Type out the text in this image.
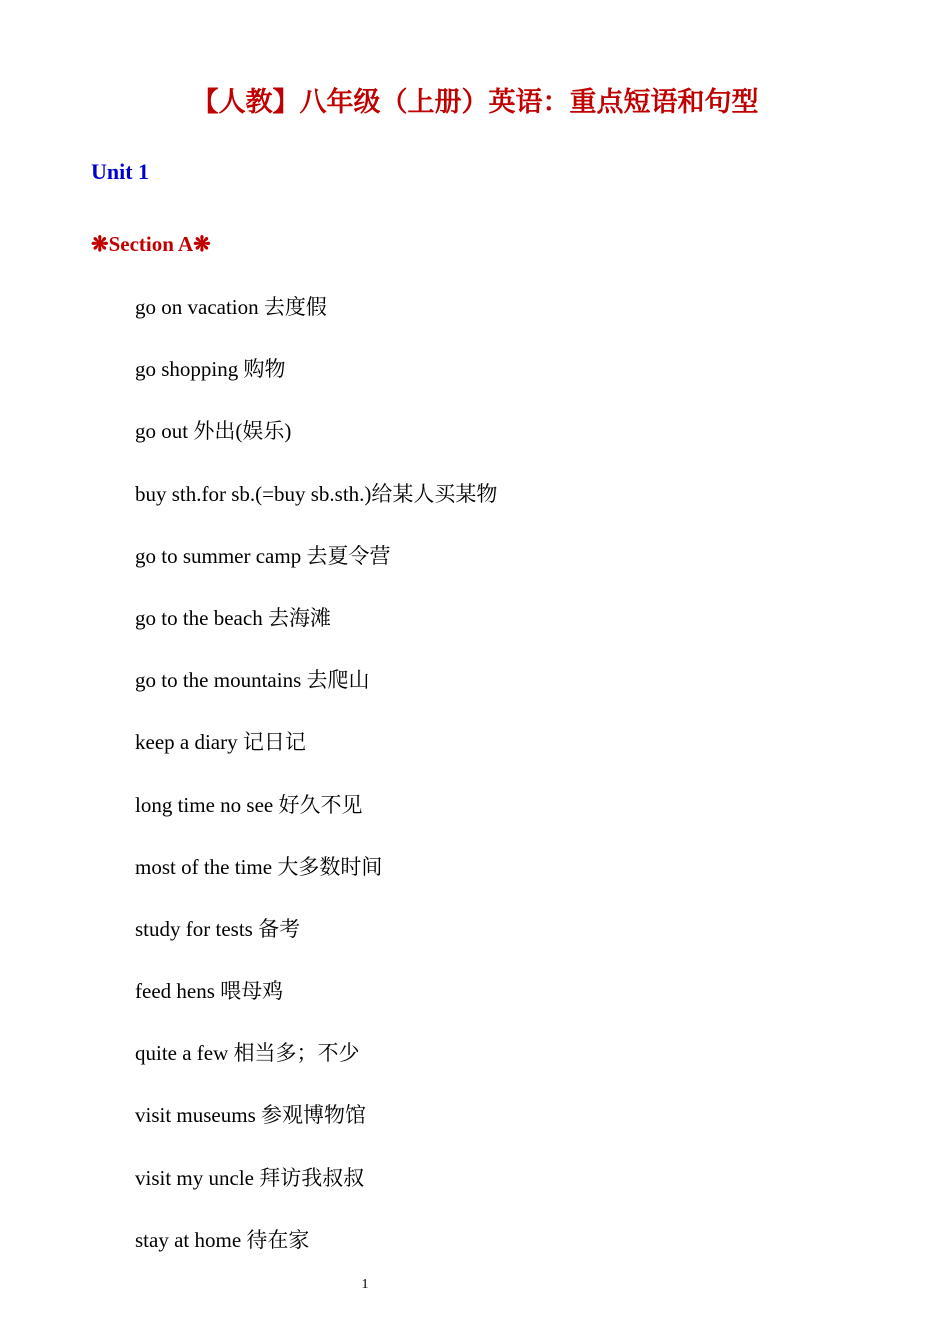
【人教】八年级（上册）英语：重点短语和句型
Unit 1
❋Section A❋
go on vacation 去度假
go shopping 购物
go out 外出(娱乐)
buy sth.for sb.(=buy sb.sth.)给某人买某物
go to summer camp 去夏令营
go to the beach 去海滩
go to the mountains 去爬山
keep a diary 记日记
long time no see 好久不见
most of the time 大多数时间
study for tests 备考
feed hens 喂母鸡
quite a few 相当多；不少
visit museums 参观博物馆
visit my uncle 拜访我叔叔
stay at home 待在家
1
